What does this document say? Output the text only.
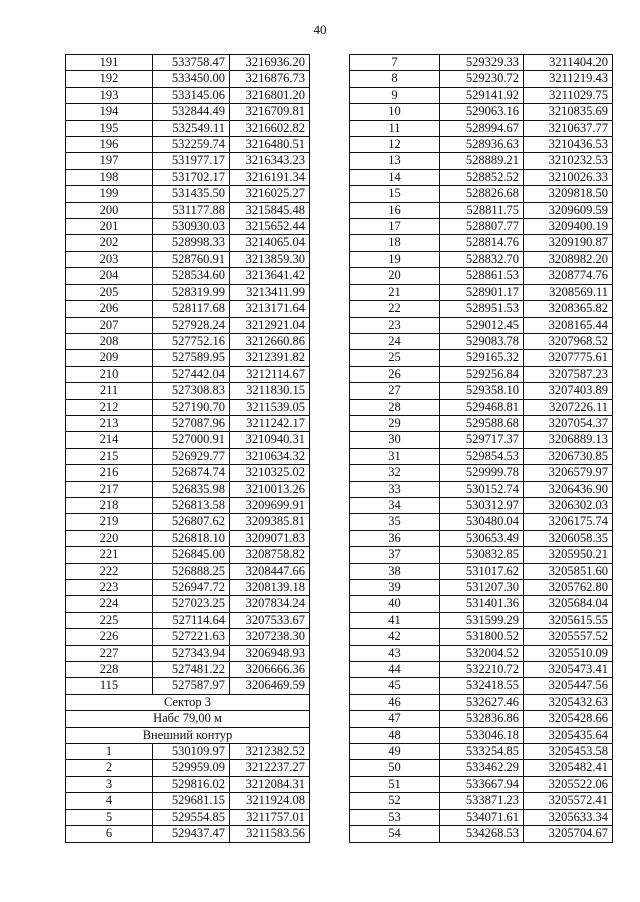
40
191	533758.47	3216936.20
192	533450.00	3216876.73
193	533145.06	3216801.20
194	532844.49	3216709.81
195	532549.11	3216602.82
196	532259.74	3216480.51
197	531977.17	3216343.23
198	531702.17	3216191.34
199	531435.50	3216025.27
200	531177.88	3215845.48
201	530930.03	3215652.44
202	528998.33	3214065.04
203	528760.91	3213859.30
204	528534.60	3213641.42
205	528319.99	3213411.99
206	528117.68	3213171.64
207	527928.24	3212921.04
208	527752.16	3212660.86
209	527589.95	3212391.82
210	527442.04	3212114.67
211	527308.83	3211830.15
212	527190.70	3211539.05
213	527087.96	3211242.17
214	527000.91	3210940.31
215	526929.77	3210634.32
216	526874.74	3210325.02
217	526835.98	3210013.26
218	526813.58	3209699.91
219	526807.62	3209385.81
220	526818.10	3209071.83
221	526845.00	3208758.82
222	526888.25	3208447.66
223	526947.72	3208139.18
224	527023.25	3207834.24
225	527114.64	3207533.67
226	527221.63	3207238.30
227	527343.94	3206948.93
228	527481.22	3206666.36
115	527587.97	3206469.59
Сектор 3		
Набс 79,00 м		
Внешний контур		
1	530109.97	3212382.52
2	529959.09	3212237.27
3	529816.02	3212084.31
4	529681.15	3211924.08
5	529554.85	3211757.01
6	529437.47	3211583.56
7	529329.33	3211404.20
8	529230.72	3211219.43
9	529141.92	3211029.75
10	529063.16	3210835.69
11	528994.67	3210637.77
12	528936.63	3210436.53
13	528889.21	3210232.53
14	528852.52	3210026.33
15	528826.68	3209818.50
16	528811.75	3209609.59
17	528807.77	3209400.19
18	528814.76	3209190.87
19	528832.70	3208982.20
20	528861.53	3208774.76
21	528901.17	3208569.11
22	528951.53	3208365.82
23	529012.45	3208165.44
24	529083.78	3207968.52
25	529165.32	3207775.61
26	529256.84	3207587.23
27	529358.10	3207403.89
28	529468.81	3207226.11
29	529588.68	3207054.37
30	529717.37	3206889.13
31	529854.53	3206730.85
32	529999.78	3206579.97
33	530152.74	3206436.90
34	530312.97	3206302.03
35	530480.04	3206175.74
36	530653.49	3206058.35
37	530832.85	3205950.21
38	531017.62	3205851.60
39	531207.30	3205762.80
40	531401.36	3205684.04
41	531599.29	3205615.55
42	531800.52	3205557.52
43	532004.52	3205510.09
44	532210.72	3205473.41
45	532418.55	3205447.56
46	532627.46	3205432.63
47	532836.86	3205428.66
48	533046.18	3205435.64
49	533254.85	3205453.58
50	533462.29	3205482.41
51	533667.94	3205522.06
52	533871.23	3205572.41
53	534071.61	3205633.34
54	534268.53	3205704.67
